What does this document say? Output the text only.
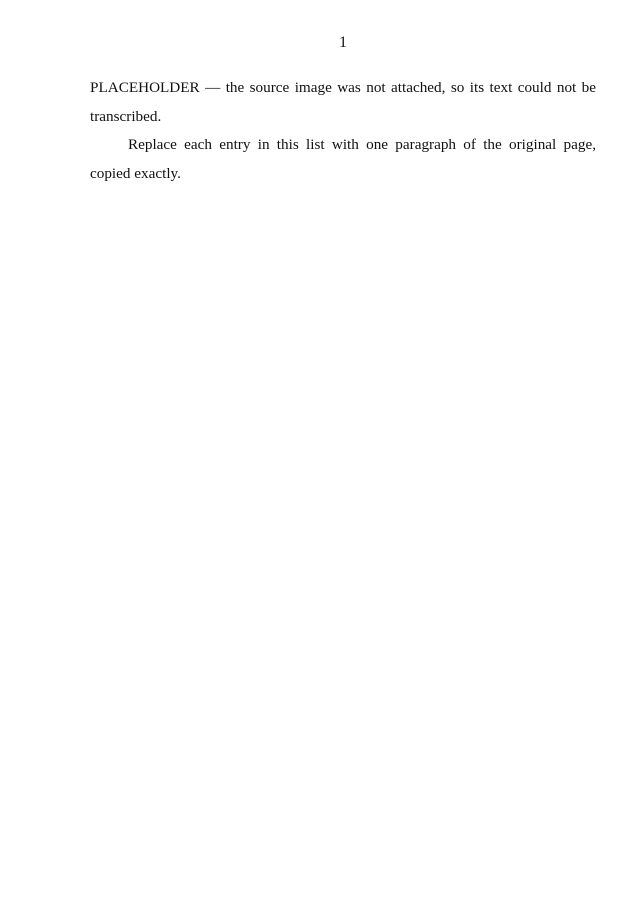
1

PLACEHOLDER — the source image was not attached, so its text could not be transcribed.

Replace each entry in this list with one paragraph of the original page, copied exactly.
